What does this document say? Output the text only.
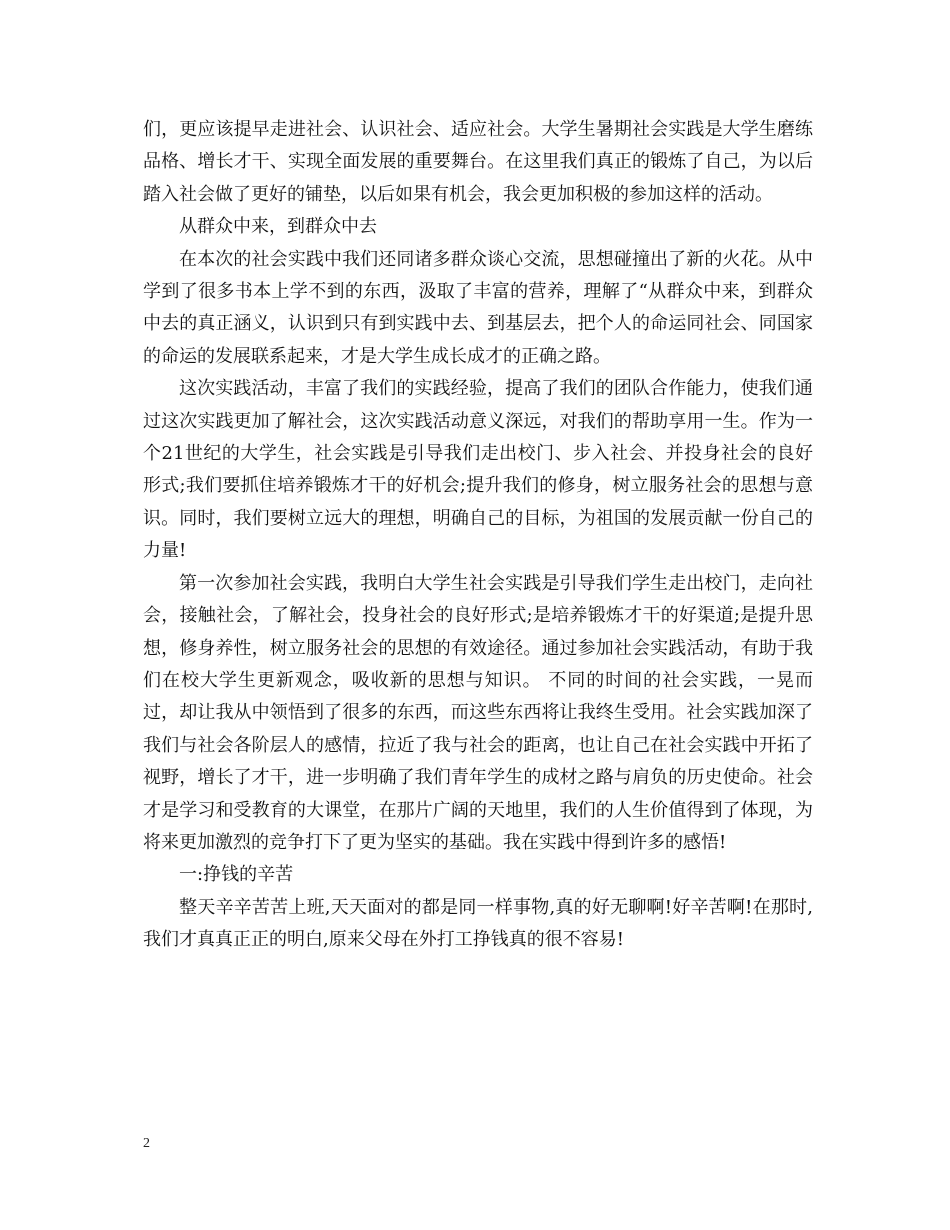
们，更应该提早走进社会、认识社会、适应社会。大学生暑期社会实践是大学生磨练品格、增长才干、实现全面发展的重要舞台。在这里我们真正的锻炼了自己，为以后踏入社会做了更好的铺垫，以后如果有机会，我会更加积极的参加这样的活动。

从群众中来，到群众中去

在本次的社会实践中我们还同诸多群众谈心交流，思想碰撞出了新的火花。从中学到了很多书本上学不到的东西，汲取了丰富的营养，理解了“从群众中来，到群众中去的真正涵义，认识到只有到实践中去、到基层去，把个人的命运同社会、同国家的命运的发展联系起来，才是大学生成长成才的正确之路。

这次实践活动，丰富了我们的实践经验，提高了我们的团队合作能力，使我们通过这次实践更加了解社会，这次实践活动意义深远，对我们的帮助享用一生。作为一个21世纪的大学生，社会实践是引导我们走出校门、步入社会、并投身社会的良好形式;我们要抓住培养锻炼才干的好机会;提升我们的修身，树立服务社会的思想与意识。同时，我们要树立远大的理想，明确自己的目标，为祖国的发展贡献一份自己的力量!

第一次参加社会实践，我明白大学生社会实践是引导我们学生走出校门，走向社会，接触社会，了解社会，投身社会的良好形式;是培养锻炼才干的好渠道;是提升思想，修身养性，树立服务社会的思想的有效途径。通过参加社会实践活动，有助于我们在校大学生更新观念，吸收新的思想与知识。 不同的时间的社会实践，一晃而过，却让我从中领悟到了很多的东西，而这些东西将让我终生受用。社会实践加深了我们与社会各阶层人的感情，拉近了我与社会的距离，也让自己在社会实践中开拓了视野，增长了才干，进一步明确了我们青年学生的成材之路与肩负的历史使命。社会才是学习和受教育的大课堂，在那片广阔的天地里，我们的人生价值得到了体现，为将来更加激烈的竞争打下了更为坚实的基础。我在实践中得到许多的感悟!

一:挣钱的辛苦

整天辛辛苦苦上班,天天面对的都是同一样事物,真的好无聊啊!好辛苦啊!在那时,我们才真真正正的明白,原来父母在外打工挣钱真的很不容易!

2
